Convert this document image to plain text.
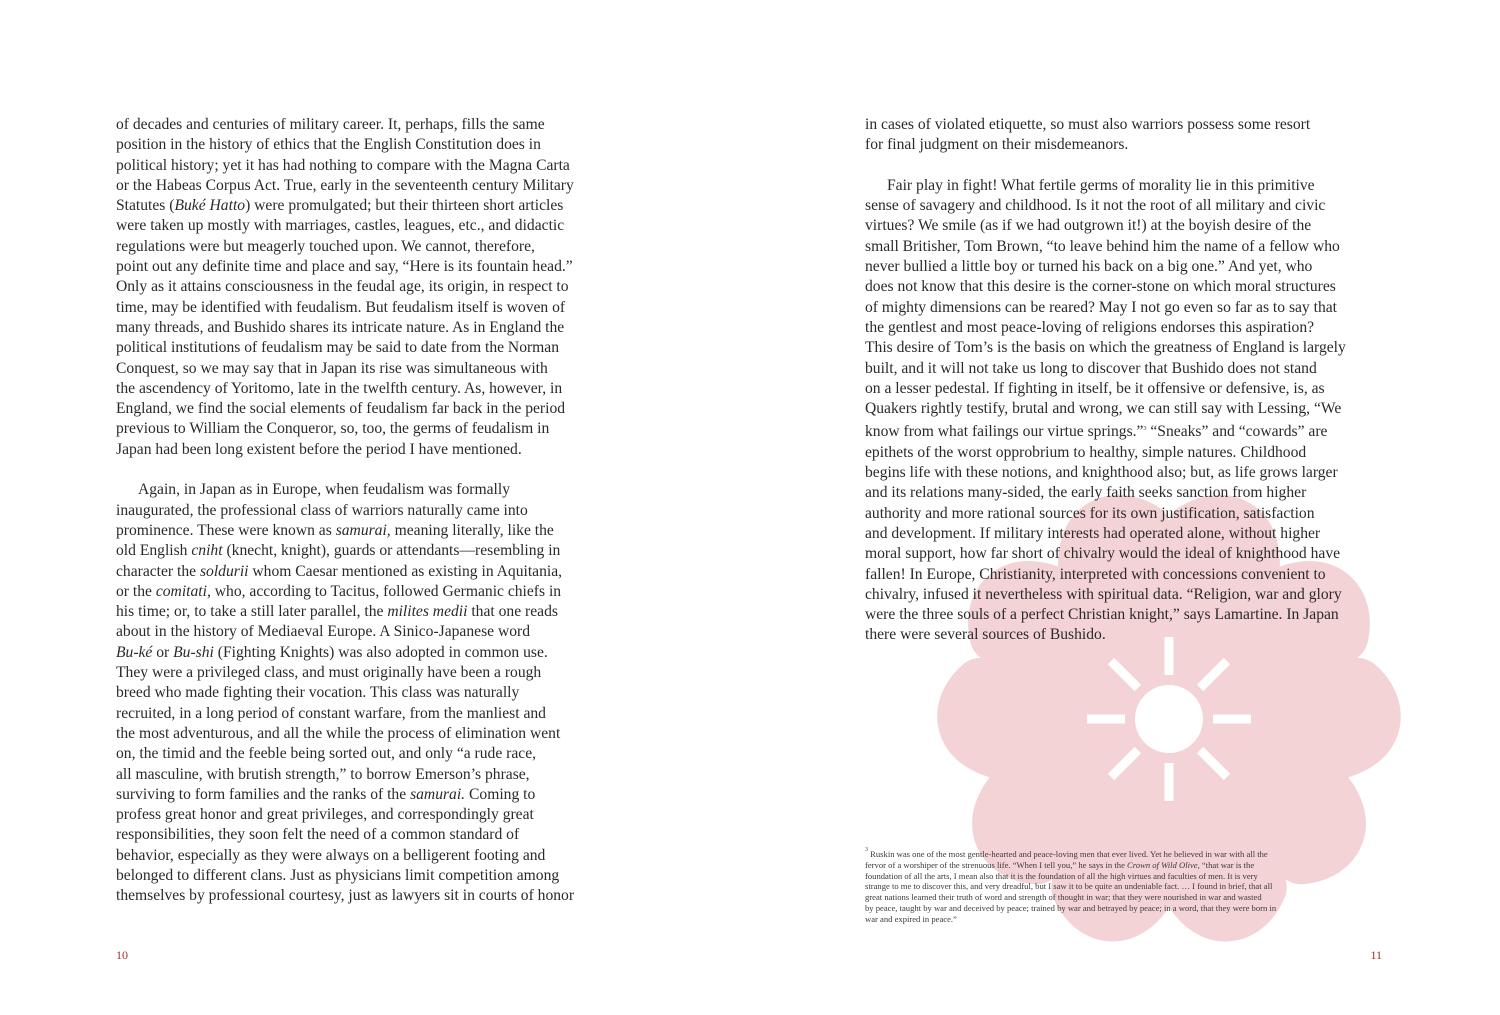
of decades and centuries of military career. It, perhaps, fills the same

position in the history of ethics that the English Constitution does in

political history; yet it has had nothing to compare with the Magna Carta

or the Habeas Corpus Act. True, early in the seventeenth century Military

Statutes (Buké Hatto) were promulgated; but their thirteen short articles

were taken up mostly with marriages, castles, leagues, etc., and didactic

regulations were but meagerly touched upon. We cannot, therefore,

point out any definite time and place and say, “Here is its fountain head.”

Only as it attains consciousness in the feudal age, its origin, in respect to

time, may be identified with feudalism. But feudalism itself is woven of

many threads, and Bushido shares its intricate nature. As in England the

political institutions of feudalism may be said to date from the Norman

Conquest, so we may say that in Japan its rise was simultaneous with

the ascendency of Yoritomo, late in the twelfth century. As, however, in

England, we find the social elements of feudalism far back in the period

previous to William the Conqueror, so, too, the germs of feudalism in

Japan had been long existent before the period I have mentioned.

Again, in Japan as in Europe, when feudalism was formally

inaugurated, the professional class of warriors naturally came into

prominence. These were known as samurai, meaning literally, like the

old English cniht (knecht, knight), guards or attendants—resembling in

character the soldurii whom Caesar mentioned as existing in Aquitania,

or the comitati, who, according to Tacitus, followed Germanic chiefs in

his time; or, to take a still later parallel, the milites medii that one reads

about in the history of Mediaeval Europe. A Sinico-Japanese word

Bu-ké or Bu-shi (Fighting Knights) was also adopted in common use.

They were a privileged class, and must originally have been a rough

breed who made fighting their vocation. This class was naturally

recruited, in a long period of constant warfare, from the manliest and

the most adventurous, and all the while the process of elimination went

on, the timid and the feeble being sorted out, and only “a rude race,

all masculine, with brutish strength,” to borrow Emerson’s phrase,

surviving to form families and the ranks of the samurai. Coming to

profess great honor and great privileges, and correspondingly great

responsibilities, they soon felt the need of a common standard of

behavior, especially as they were always on a belligerent footing and

belonged to different clans. Just as physicians limit competition among

themselves by professional courtesy, just as lawyers sit in courts of honor

10

in cases of violated etiquette, so must also warriors possess some resort

for final judgment on their misdemeanors.

Fair play in fight! What fertile germs of morality lie in this primitive

sense of savagery and childhood. Is it not the root of all military and civic

virtues? We smile (as if we had outgrown it!) at the boyish desire of the

small Britisher, Tom Brown, “to leave behind him the name of a fellow who

never bullied a little boy or turned his back on a big one.” And yet, who

does not know that this desire is the corner-stone on which moral structures

of mighty dimensions can be reared? May I not go even so far as to say that

the gentlest and most peace-loving of religions endorses this aspiration?

This desire of Tom’s is the basis on which the greatness of England is largely

built, and it will not take us long to discover that Bushido does not stand

on a lesser pedestal. If fighting in itself, be it offensive or defensive, is, as

Quakers rightly testify, brutal and wrong, we can still say with Lessing, “We

know from what failings our virtue springs.”$^3$ “Sneaks” and “cowards” are

epithets of the worst opprobrium to healthy, simple natures. Childhood

begins life with these notions, and knighthood also; but, as life grows larger

and its relations many-sided, the early faith seeks sanction from higher

authority and more rational sources for its own justification, satisfaction

and development. If military interests had operated alone, without higher

moral support, how far short of chivalry would the ideal of knighthood have

fallen! In Europe, Christianity, interpreted with concessions convenient to

chivalry, infused it nevertheless with spiritual data. “Religion, war and glory

were the three souls of a perfect Christian knight,” says Lamartine. In Japan

there were several sources of Bushido.

$^3$ Ruskin was one of the most gentle-hearted and peace-loving men that ever lived. Yet he believed in war with all the

fervor of a worshiper of the strenuous life. “When I tell you,” he says in the Crown of Wild Olive, “that war is the

foundation of all the arts, I mean also that it is the foundation of all the high virtues and faculties of men. It is very

strange to me to discover this, and very dreadful, but I saw it to be quite an undeniable fact. … I found in brief, that all

great nations learned their truth of word and strength of thought in war; that they were nourished in war and wasted

by peace, taught by war and deceived by peace; trained by war and betrayed by peace; in a word, that they were born in

war and expired in peace.”

11
